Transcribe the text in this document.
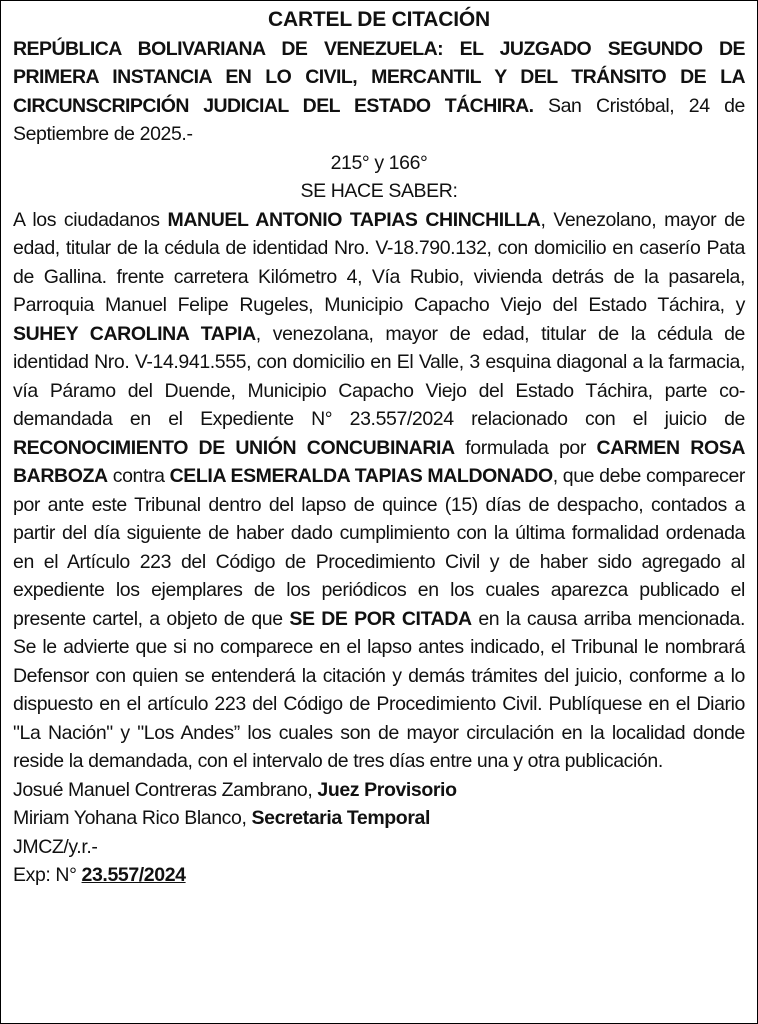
CARTEL DE CITACIÓN
REPÚBLICA BOLIVARIANA DE VENEZUELA: EL JUZGADO SEGUNDO DE PRIMERA INSTANCIA EN LO CIVIL, MERCANTIL Y DEL TRÁNSITO DE LA CIRCUNSCRIPCIÓN JUDICIAL DEL ESTADO TÁCHIRA. San Cristóbal, 24 de Septiembre de 2025.-
215° y 166°
SE HACE SABER:
A los ciudadanos MANUEL ANTONIO TAPIAS CHINCHILLA, Venezolano, mayor de edad, titular de la cédula de identidad Nro. V-18.790.132, con domicilio en caserío Pata de Gallina. frente carretera Kilómetro 4, Vía Rubio, vivienda detrás de la pasarela, Parroquia Manuel Felipe Rugeles, Municipio Capacho Viejo del Estado Táchira, y SUHEY CAROLINA TAPIA, venezolana, mayor de edad, titular de la cédula de identidad Nro. V-14.941.555, con domicilio en El Valle, 3 esquina diagonal a la farmacia, vía Páramo del Duende, Municipio Capacho Viejo del Estado Táchira, parte co-demandada en el Expediente N° 23.557/2024 relacionado con el juicio de RECONOCIMIENTO DE UNIÓN CONCUBINARIA formulada por CARMEN ROSA BARBOZA contra CELIA ESMERALDA TAPIAS MALDONADO, que debe comparecer por ante este Tribunal dentro del lapso de quince (15) días de despacho, contados a partir del día siguiente de haber dado cumplimiento con la última formalidad ordenada en el Artículo 223 del Código de Procedimiento Civil y de haber sido agregado al expediente los ejemplares de los periódicos en los cuales aparezca publicado el presente cartel, a objeto de que SE DE POR CITADA en la causa arriba mencionada. Se le advierte que si no comparece en el lapso antes indicado, el Tribunal le nombrará Defensor con quien se entenderá la citación y demás trámites del juicio, conforme a lo dispuesto en el artículo 223 del Código de Procedimiento Civil. Publíquese en el Diario "La Nación" y "Los Andes” los cuales son de mayor circulación en la localidad donde reside la demandada, con el intervalo de tres días entre una y otra publicación.
Josué Manuel Contreras Zambrano, Juez Provisorio
Miriam Yohana Rico Blanco, Secretaria Temporal
JMCZ/y.r.-
Exp: N° 23.557/2024
